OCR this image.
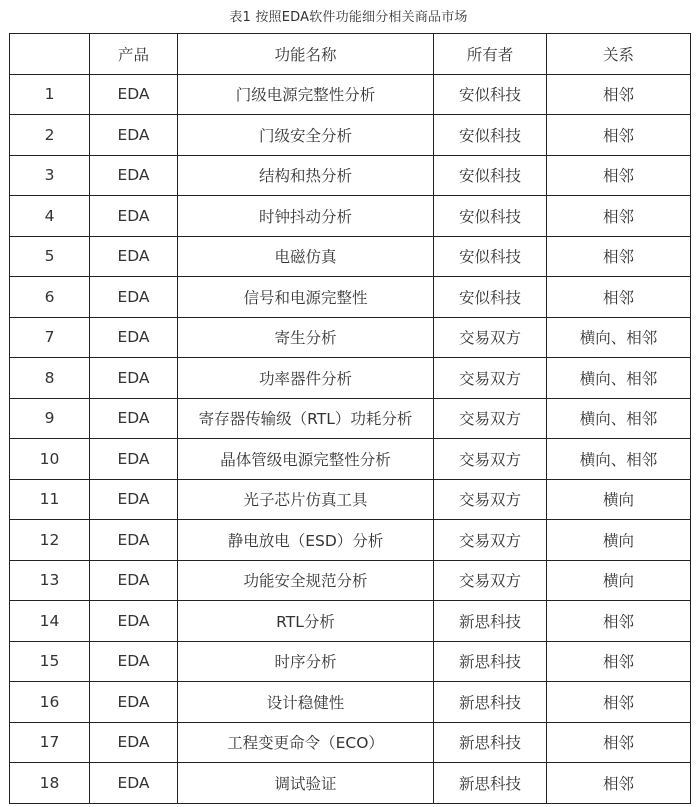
表1 按照EDA软件功能细分相关商品市场
	产品	功能名称	所有者	关系
1	EDA	门级电源完整性分析	安似科技	相邻
2	EDA	门级安全分析	安似科技	相邻
3	EDA	结构和热分析	安似科技	相邻
4	EDA	时钟抖动分析	安似科技	相邻
5	EDA	电磁仿真	安似科技	相邻
6	EDA	信号和电源完整性	安似科技	相邻
7	EDA	寄生分析	交易双方	横向、相邻
8	EDA	功率器件分析	交易双方	横向、相邻
9	EDA	寄存器传输级（RTL）功耗分析	交易双方	横向、相邻
10	EDA	晶体管级电源完整性分析	交易双方	横向、相邻
11	EDA	光子芯片仿真工具	交易双方	横向
12	EDA	静电放电（ESD）分析	交易双方	横向
13	EDA	功能安全规范分析	交易双方	横向
14	EDA	RTL分析	新思科技	相邻
15	EDA	时序分析	新思科技	相邻
16	EDA	设计稳健性	新思科技	相邻
17	EDA	工程变更命令（ECO）	新思科技	相邻
18	EDA	调试验证	新思科技	相邻
